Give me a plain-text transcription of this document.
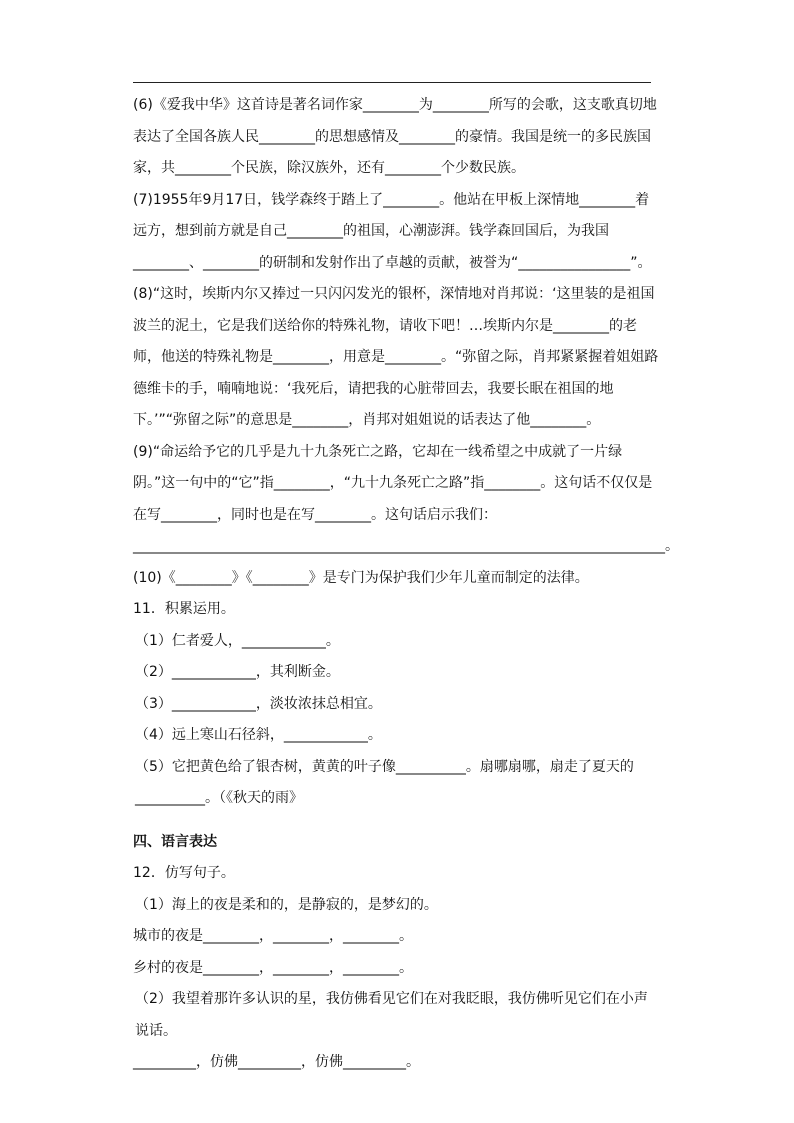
(6)《爱我中华》这首诗是著名词作家________为________所写的会歌，这支歌真切地表达了全国各族人民________的思想感情及________的豪情。我国是统一的多民族国家，共________个民族，除汉族外，还有________个少数民族。

(7)1955年9月17日，钱学森终于踏上了________。他站在甲板上深情地________着远方，想到前方就是自己________的祖国，心潮澎湃。钱学森回国后，为我国________、________的研制和发射作出了卓越的贡献，被誉为“________________”。

(8)“这时，埃斯内尔又捧过一只闪闪发光的银杯，深情地对肖邦说：‘这里装的是祖国波兰的泥土，它是我们送给你的特殊礼物，请收下吧！…埃斯内尔是________的老师，他送的特殊礼物是________，用意是________。“弥留之际，肖邦紧紧握着姐姐路德维卡的手，喃喃地说：‘我死后，请把我的心脏带回去，我要长眠在祖国的地下。’”“弥留之际”的意思是________，肖邦对姐姐说的话表达了他________。

(9)“命运给予它的几乎是九十九条死亡之路，它却在一线希望之中成就了一片绿阴。”这一句中的“它”指________，“九十九条死亡之路”指________。这句话不仅仅是在写________，同时也是在写________。这句话启示我们：

____________________________________________________________________________。

(10)《________》《________》是专门为保护我们少年儿童而制定的法律。

11．积累运用。

（1）仁者爱人，____________。

（2）____________，其利断金。

（3）____________，淡妆浓抹总相宜。

（4）远上寒山石径斜，____________。

（5）它把黄色给了银杏树，黄黄的叶子像__________。扇哪扇哪，扇走了夏天的__________。（《秋天的雨》

四、语言表达

12．仿写句子。

（1）海上的夜是柔和的，是静寂的，是梦幻的。

城市的夜是________，________，________。

乡村的夜是________，________，________。

（2）我望着那许多认识的星，我仿佛看见它们在对我眨眼，我仿佛听见它们在小声说话。

_________，仿佛_________，仿佛_________。
